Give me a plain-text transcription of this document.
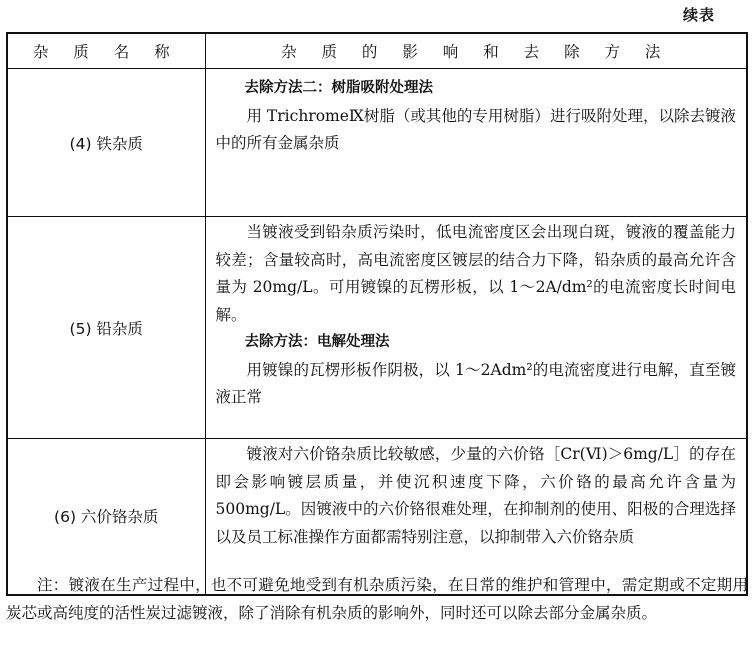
续表
杂 质 名 称	杂 质 的 影 响 和 去 除 方 法
(4) 铁杂质	去除方法二：树脂吸附处理法

用 TrichromeⅨ树脂（或其他的专用树脂）进行吸附处理，以除去镀液中的所有金属杂质

(5) 铅杂质	当镀液受到铅杂质污染时，低电流密度区会出现白斑，镀液的覆盖能力较差；含量较高时，高电流密度区镀层的结合力下降，铅杂质的最高允许含量为 20mg/L。可用镀镍的瓦楞形板，以 1～2A/dm²的电流密度长时间电解。

去除方法：电解处理法

用镀镍的瓦楞形板作阴极，以 1～2Adm²的电流密度进行电解，直至镀液正常

(6) 六价铬杂质	镀液对六价铬杂质比较敏感，少量的六价铬［Cr(Ⅵ)＞6mg/L］的存在即会影响镀层质量，并使沉积速度下降，六价铬的最高允许含量为 500mg/L。因镀液中的六价铬很难处理，在抑制剂的使用、阳极的合理选择以及员工标准操作方面都需特别注意，以抑制带入六价铬杂质

注：镀液在生产过程中，也不可避免地受到有机杂质污染，在日常的维护和管理中，需定期或不定期用炭芯或高纯度的活性炭过滤镀液，除了消除有机杂质的影响外，同时还可以除去部分金属杂质。
